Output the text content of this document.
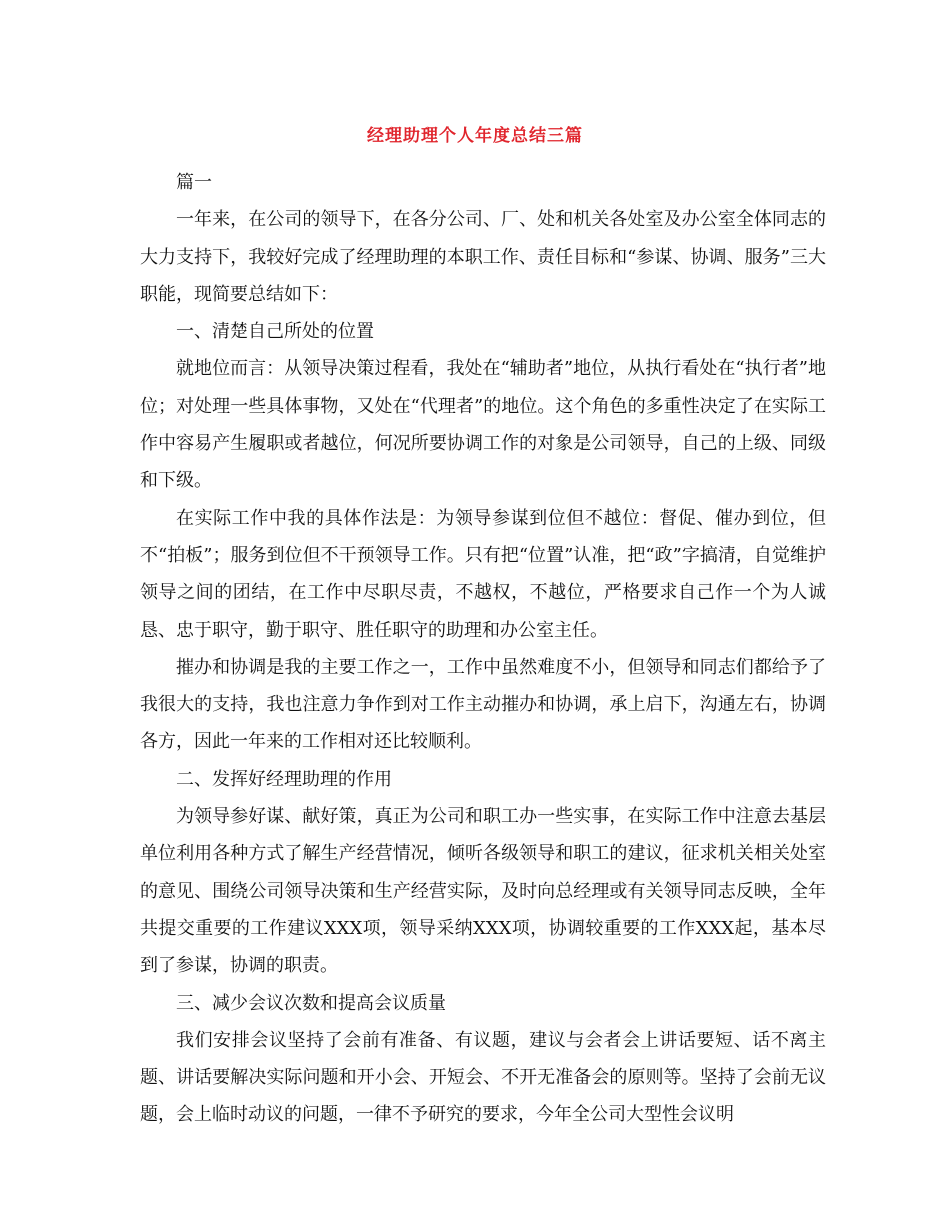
经理助理个人年度总结三篇

篇一

一年来，在公司的领导下，在各分公司、厂、处和机关各处室及办公室全体同志的大力支持下，我较好完成了经理助理的本职工作、责任目标和“参谋、协调、服务”三大职能，现简要总结如下：

一、清楚自己所处的位置

就地位而言：从领导决策过程看，我处在“辅助者”地位，从执行看处在“执行者”地位；对处理一些具体事物，又处在“代理者”的地位。这个角色的多重性决定了在实际工作中容易产生履职或者越位，何况所要协调工作的对象是公司领导，自己的上级、同级和下级。

在实际工作中我的具体作法是：为领导参谋到位但不越位：督促、催办到位，但不“拍板”；服务到位但不干预领导工作。只有把“位置”认准，把“政”字搞清，自觉维护领导之间的团结，在工作中尽职尽责，不越权，不越位，严格要求自己作一个为人诚恳、忠于职守，勤于职守、胜任职守的助理和办公室主任。

摧办和协调是我的主要工作之一，工作中虽然难度不小，但领导和同志们都给予了我很大的支持，我也注意力争作到对工作主动摧办和协调，承上启下，沟通左右，协调各方，因此一年来的工作相对还比较顺利。

二、发挥好经理助理的作用

为领导参好谋、献好策，真正为公司和职工办一些实事，在实际工作中注意去基层单位利用各种方式了解生产经营情况，倾听各级领导和职工的建议，征求机关相关处室的意见、围绕公司领导决策和生产经营实际，及时向总经理或有关领导同志反映，全年共提交重要的工作建议XXX项，领导采纳XXX项，协调较重要的工作XXX起，基本尽到了参谋，协调的职责。

三、减少会议次数和提高会议质量

我们安排会议坚持了会前有准备、有议题，建议与会者会上讲话要短、话不离主题、讲话要解决实际问题和开小会、开短会、不开无准备会的原则等。坚持了会前无议题，会上临时动议的问题，一律不予研究的要求，今年全公司大型性会议明
